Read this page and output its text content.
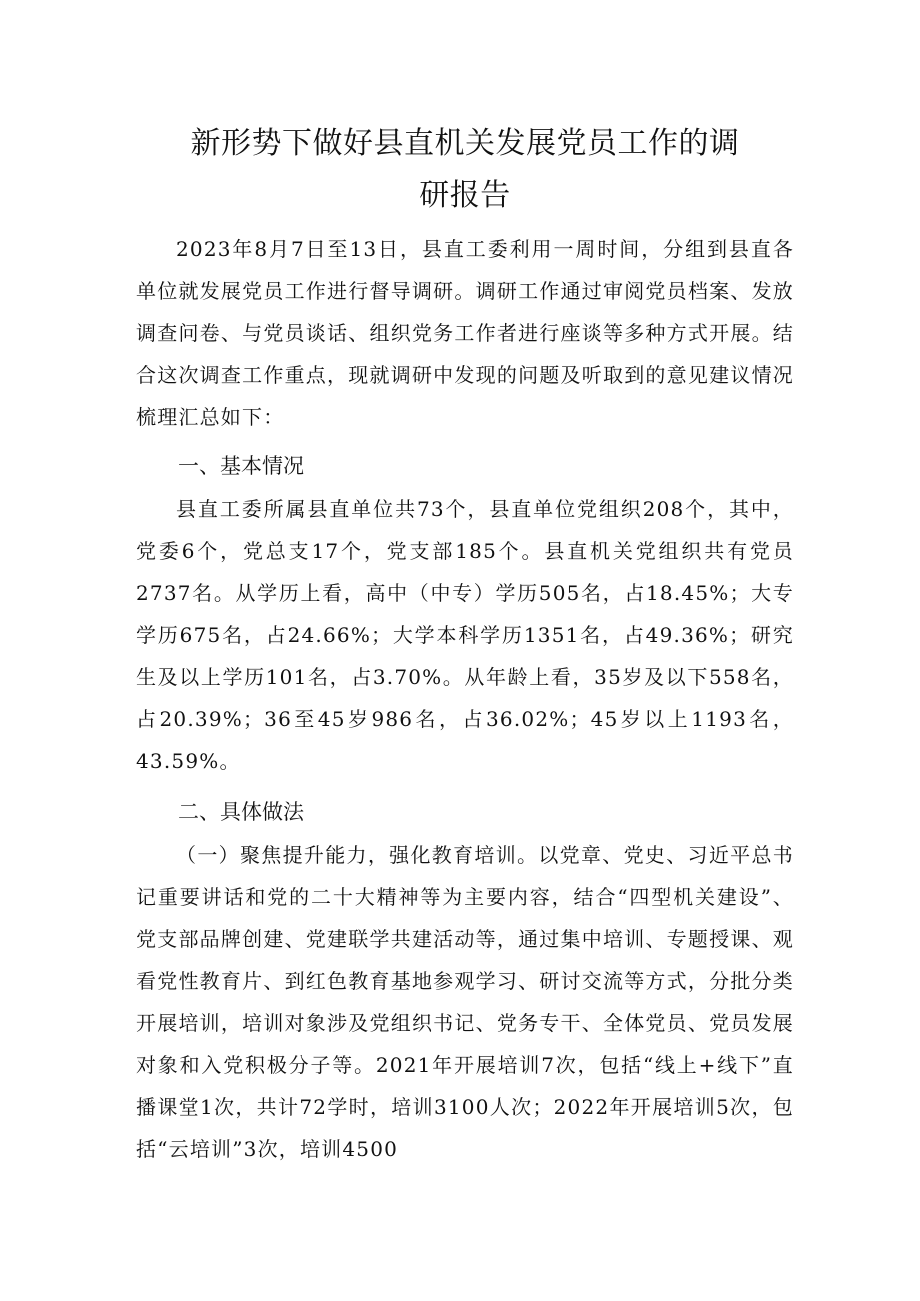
新形势下做好县直机关发展党员工作的调
研报告

2023年8月7日至13日，县直工委利用一周时间，分组到县直各单位就发展党员工作进行督导调研。调研工作通过审阅党员档案、发放调查问卷、与党员谈话、组织党务工作者进行座谈等多种方式开展。结合这次调查工作重点，现就调研中发现的问题及听取到的意见建议情况梳理汇总如下：

一、基本情况

县直工委所属县直单位共73个，县直单位党组织208个，其中，党委6个，党总支17个，党支部185个。县直机关党组织共有党员2737名。从学历上看，高中（中专）学历505名，占18.45%；大专学历675名，占24.66%；大学本科学历1351名，占49.36%；研究生及以上学历101名，占3.70%。从年龄上看，35岁及以下558名，占20.39%；36至45岁986名，占36.02%；45岁以上1193名，43.59%。

二、具体做法

（一）聚焦提升能力，强化教育培训。以党章、党史、习近平总书记重要讲话和党的二十大精神等为主要内容，结合“四型机关建设”、党支部品牌创建、党建联学共建活动等，通过集中培训、专题授课、观看党性教育片、到红色教育基地参观学习、研讨交流等方式，分批分类开展培训，培训对象涉及党组织书记、党务专干、全体党员、党员发展对象和入党积极分子等。2021年开展培训7次，包括“线上+线下”直播课堂1次，共计72学时，培训3100人次；2022年开展培训5次，包括“云培训”3次，培训4500
